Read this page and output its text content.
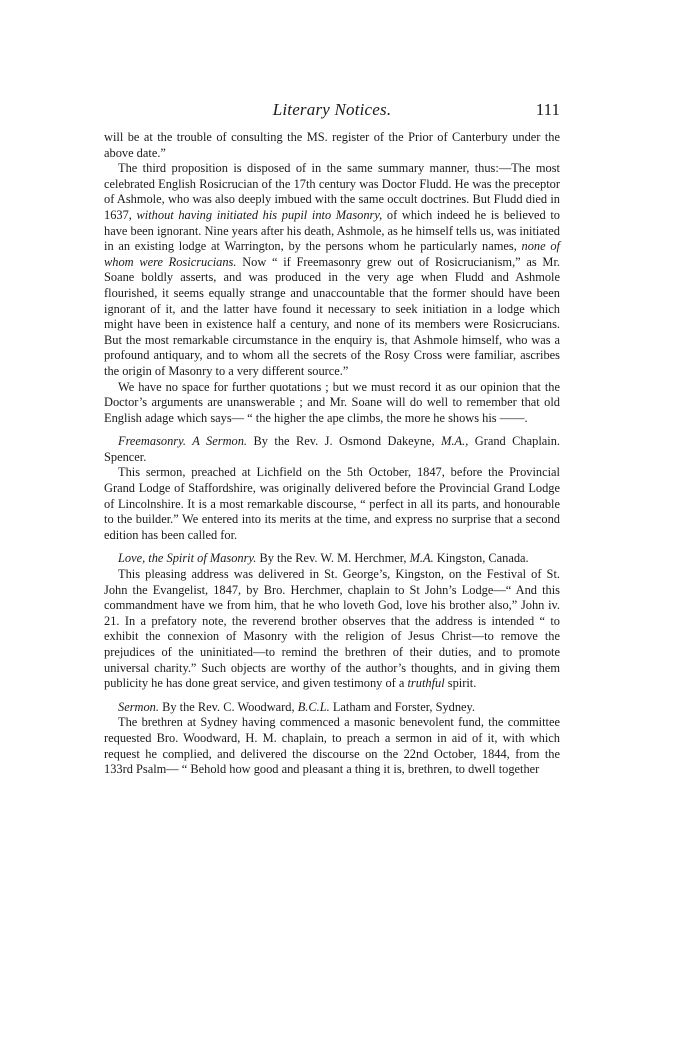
Literary Notices.	111

will be at the trouble of consulting the MS. register of the Prior of Canterbury under the above date.”

The third proposition is disposed of in the same summary manner, thus:—The most celebrated English Rosicrucian of the 17th century was Doctor Fludd. He was the preceptor of Ashmole, who was also deeply imbued with the same occult doctrines. But Fludd died in 1637, without having initiated his pupil into Masonry, of which indeed he is believed to have been ignorant. Nine years after his death, Ashmole, as he himself tells us, was initiated in an existing lodge at Warrington, by the persons whom he particularly names, none of whom were Rosicrucians. Now “ if Freemasonry grew out of Rosicrucianism,” as Mr. Soane boldly asserts, and was produced in the very age when Fludd and Ashmole flourished, it seems equally strange and unaccountable that the former should have been ignorant of it, and the latter have found it necessary to seek initiation in a lodge which might have been in existence half a century, and none of its members were Rosicrucians. But the most remarkable circumstance in the enquiry is, that Ashmole himself, who was a profound antiquary, and to whom all the secrets of the Rosy Cross were familiar, ascribes the origin of Masonry to a very different source.”

We have no space for further quotations ; but we must record it as our opinion that the Doctor’s arguments are unanswerable ; and Mr. Soane will do well to remember that old English adage which says— “ the higher the ape climbs, the more he shows his ——.

Freemasonry. A Sermon. By the Rev. J. Osmond Dakeyne, M.A., Grand Chaplain. Spencer.

This sermon, preached at Lichfield on the 5th October, 1847, before the Provincial Grand Lodge of Staffordshire, was originally delivered before the Provincial Grand Lodge of Lincolnshire. It is a most remarkable discourse, “ perfect in all its parts, and honourable to the builder.” We entered into its merits at the time, and express no surprise that a second edition has been called for.

Love, the Spirit of Masonry. By the Rev. W. M. Herchmer, M.A. Kingston, Canada.

This pleasing address was delivered in St. George’s, Kingston, on the Festival of St. John the Evangelist, 1847, by Bro. Herchmer, chaplain to St John’s Lodge—“ And this commandment have we from him, that he who loveth God, love his brother also,” John iv. 21. In a prefatory note, the reverend brother observes that the address is intended “ to exhibit the connexion of Masonry with the religion of Jesus Christ—to remove the prejudices of the uninitiated—to remind the brethren of their duties, and to promote universal charity.” Such objects are worthy of the author’s thoughts, and in giving them publicity he has done great service, and given testimony of a truthful spirit.

Sermon. By the Rev. C. Woodward, B.C.L. Latham and Forster, Sydney.

The brethren at Sydney having commenced a masonic benevolent fund, the committee requested Bro. Woodward, H. M. chaplain, to preach a sermon in aid of it, with which request he complied, and delivered the discourse on the 22nd October, 1844, from the 133rd Psalm— “ Behold how good and pleasant a thing it is, brethren, to dwell together
